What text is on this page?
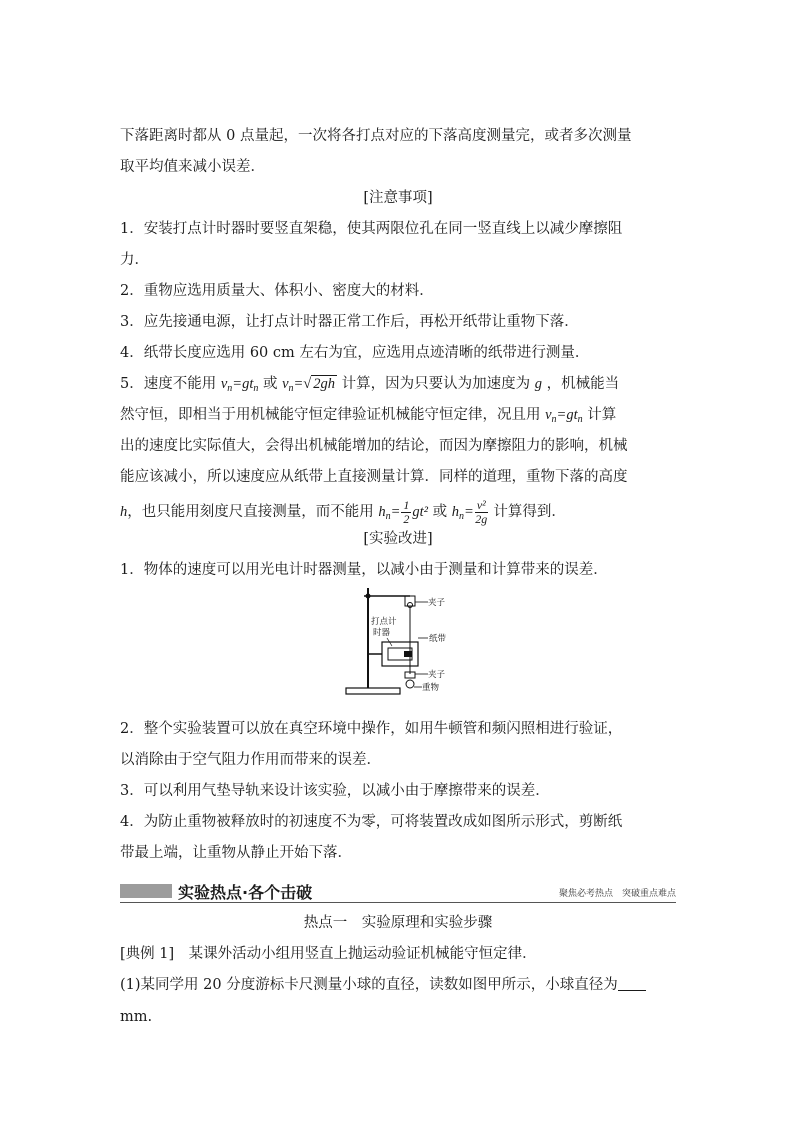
下落距离时都从 0 点量起，一次将各打点对应的下落高度测量完，或者多次测量
取平均值来减小误差．
[注意事项]
1．安装打点计时器时要竖直架稳，使其两限位孔在同一竖直线上以减少摩擦阻
力．
2．重物应选用质量大、体积小、密度大的材料．
3．应先接通电源，让打点计时器正常工作后，再松开纸带让重物下落．
4．纸带长度应选用 60 cm 左右为宜，应选用点迹清晰的纸带进行测量．
5．速度不能用 $v_n=gt_n$ 或 $v_n=√$ 2gh 计算，因为只要认为加速度为 g ，机械能当
然守恒，即相当于用机械能守恒定律验证机械能守恒定律，况且用 $v_n=gt_n$ 计算
出的速度比实际值大，会得出机械能增加的结论，而因为摩擦阻力的影响，机械
能应该减小，所以速度应从纸带上直接测量计算．同样的道理，重物下落的高度
h，也只能用刻度尺直接测量，而不能用 $h_n= \frac{1}{2} gt^2$ 或 $h_n= \frac{\text{v²}}{2g}$ 计算得到．
[实验改进]
1．物体的速度可以用光电计时器测量，以减小由于测量和计算带来的误差．
夹子
打点计
时器
纸带
夹子
重物
2．整个实验装置可以放在真空环境中操作，如用牛顿管和频闪照相进行验证，
以消除由于空气阻力作用而带来的误差．
3．可以利用气垫导轨来设计该实验，以减小由于摩擦带来的误差．
4．为防止重物被释放时的初速度不为零，可将装置改成如图所示形式，剪断纸
带最上端，让重物从静止开始下落．
实验热点·各个击破	聚焦必考热点　突破重点难点
热点一　实验原理和实验步骤
[典例 1]　某课外活动小组用竖直上抛运动验证机械能守恒定律．
(1)某同学用 20 分度游标卡尺测量小球的直径，读数如图甲所示，小球直径为
mm.
